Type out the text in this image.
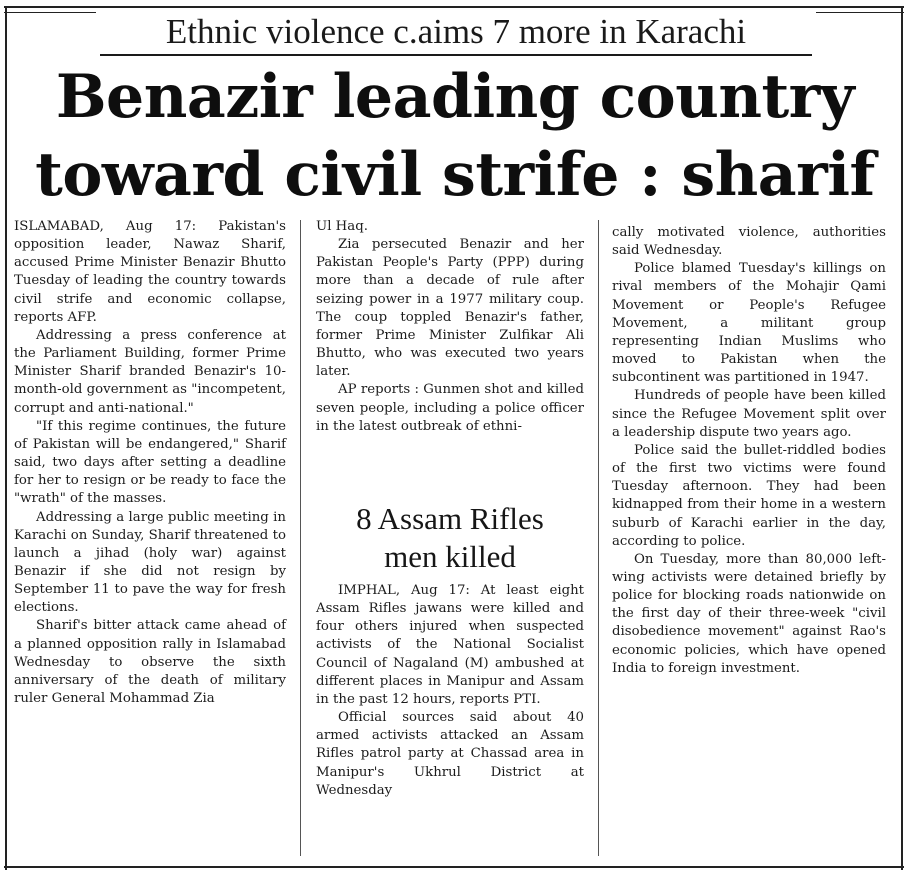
Ethnic violence c.aims 7 more in Karachi
Benazir leading country
toward civil strife : sharif

ISLAMABAD, Aug 17: Pakistan's opposition leader, Nawaz Sharif, accused Prime Minister Benazir Bhutto Tuesday of leading the country towards civil strife and economic collapse, reports AFP.

Addressing a press conference at the Parliament Building, former Prime Minister Sharif branded Benazir's 10-month-old government as "incompetent, corrupt and anti-national."

"If this regime continues, the future of Pakistan will be endangered," Sharif said, two days after setting a deadline for her to resign or be ready to face the "wrath" of the masses.

Addressing a large public meeting in Karachi on Sunday, Sharif threatened to launch a jihad (holy war) against Benazir if she did not resign by September 11 to pave the way for fresh elections.

Sharif's bitter attack came ahead of a planned opposition rally in Islamabad Wednesday to observe the sixth anniversary of the death of military ruler General Mohammad Zia

Ul Haq.

Zia persecuted Benazir and her Pakistan People's Party (PPP) during more than a decade of rule after seizing power in a 1977 military coup. The coup toppled Benazir's father, former Prime Minister Zulfikar Ali Bhutto, who was executed two years later.

AP reports : Gunmen shot and killed seven people, including a police officer in the latest outbreak of ethni-

8 Assam Rifles
men killed

IMPHAL, Aug 17: At least eight Assam Rifles jawans were killed and four others injured when suspected activists of the National Socialist Council of Nagaland (M) ambushed at different places in Manipur and Assam in the past 12 hours, reports PTI.

Official sources said about 40 armed activists attacked an Assam Rifles patrol party at Chassad area in Manipur's Ukhrul District at Wednesday

cally motivated violence, authorities said Wednesday.

Police blamed Tuesday's killings on rival members of the Mohajir Qami Movement or People's Refugee Movement, a militant group representing Indian Muslims who moved to Pakistan when the subcontinent was partitioned in 1947.

Hundreds of people have been killed since the Refugee Movement split over a leadership dispute two years ago.

Police said the bullet-riddled bodies of the first two victims were found Tuesday afternoon. They had been kidnapped from their home in a western suburb of Karachi earlier in the day, according to police.

On Tuesday, more than 80,000 left-wing activists were detained briefly by police for blocking roads nationwide on the first day of their three-week "civil disobedience movement" against Rao's economic policies, which have opened India to foreign investment.
